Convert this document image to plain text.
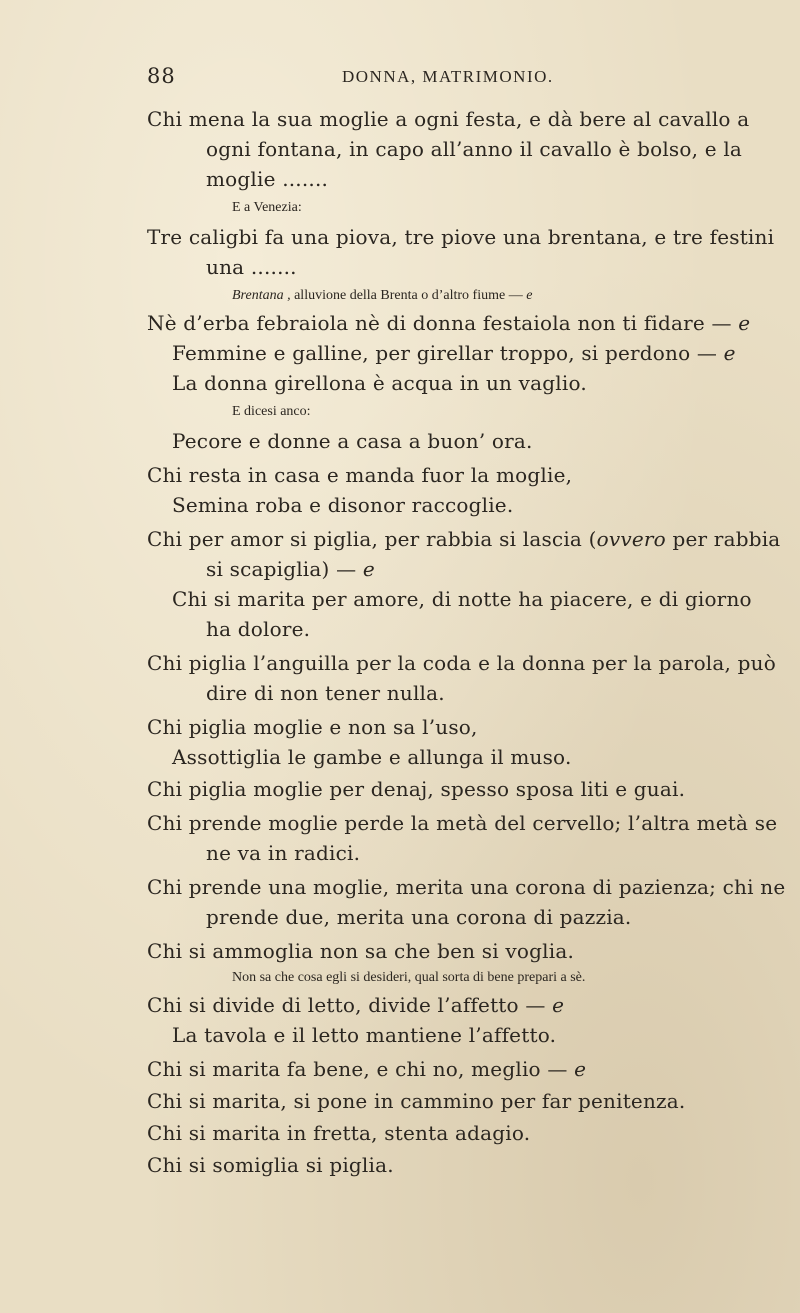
88	DONNA, MATRIMONIO.
Chi mena la sua moglie a ogni festa, e dà bere al cavallo a
ogni fontana, in capo all’anno il cavallo è bolso, e la
moglie .......
E a Venezia:
Tre caligbi fa una piova, tre piove una brentana, e tre festini
una .......
Brentana , alluvione della Brenta o d’altro fiume — e
Nè d’erba febraiola nè di donna festaiola non ti fidare — e
Femmine e galline, per girellar troppo, si perdono — e
La donna girellona è acqua in un vaglio.
E dicesi anco:
Pecore e donne a casa a buon’ ora.
Chi resta in casa e manda fuor la moglie,
Semina roba e disonor raccoglie.
Chi per amor si piglia, per rabbia si lascia (ovvero per rabbia
si scapiglia) — e
Chi si marita per amore, di notte ha piacere, e di giorno
ha dolore.
Chi piglia l’anguilla per la coda e la donna per la parola, può
dire di non tener nulla.
Chi piglia moglie e non sa l’uso,
Assottiglia le gambe e allunga il muso.
Chi piglia moglie per denaj, spesso sposa liti e guai.
Chi prende moglie perde la metà del cervello; l’altra metà se
ne va in radici.
Chi prende una moglie, merita una corona di pazienza; chi ne
prende due, merita una corona di pazzia.
Chi si ammoglia non sa che ben si voglia.
Non sa che cosa egli si desideri, qual sorta di bene prepari a sè.
Chi si divide di letto, divide l’affetto — e
La tavola e il letto mantiene l’affetto.
Chi si marita fa bene, e chi no, meglio — e
Chi si marita, si pone in cammino per far penitenza.
Chi si marita in fretta, stenta adagio.
Chi si somiglia si piglia.
